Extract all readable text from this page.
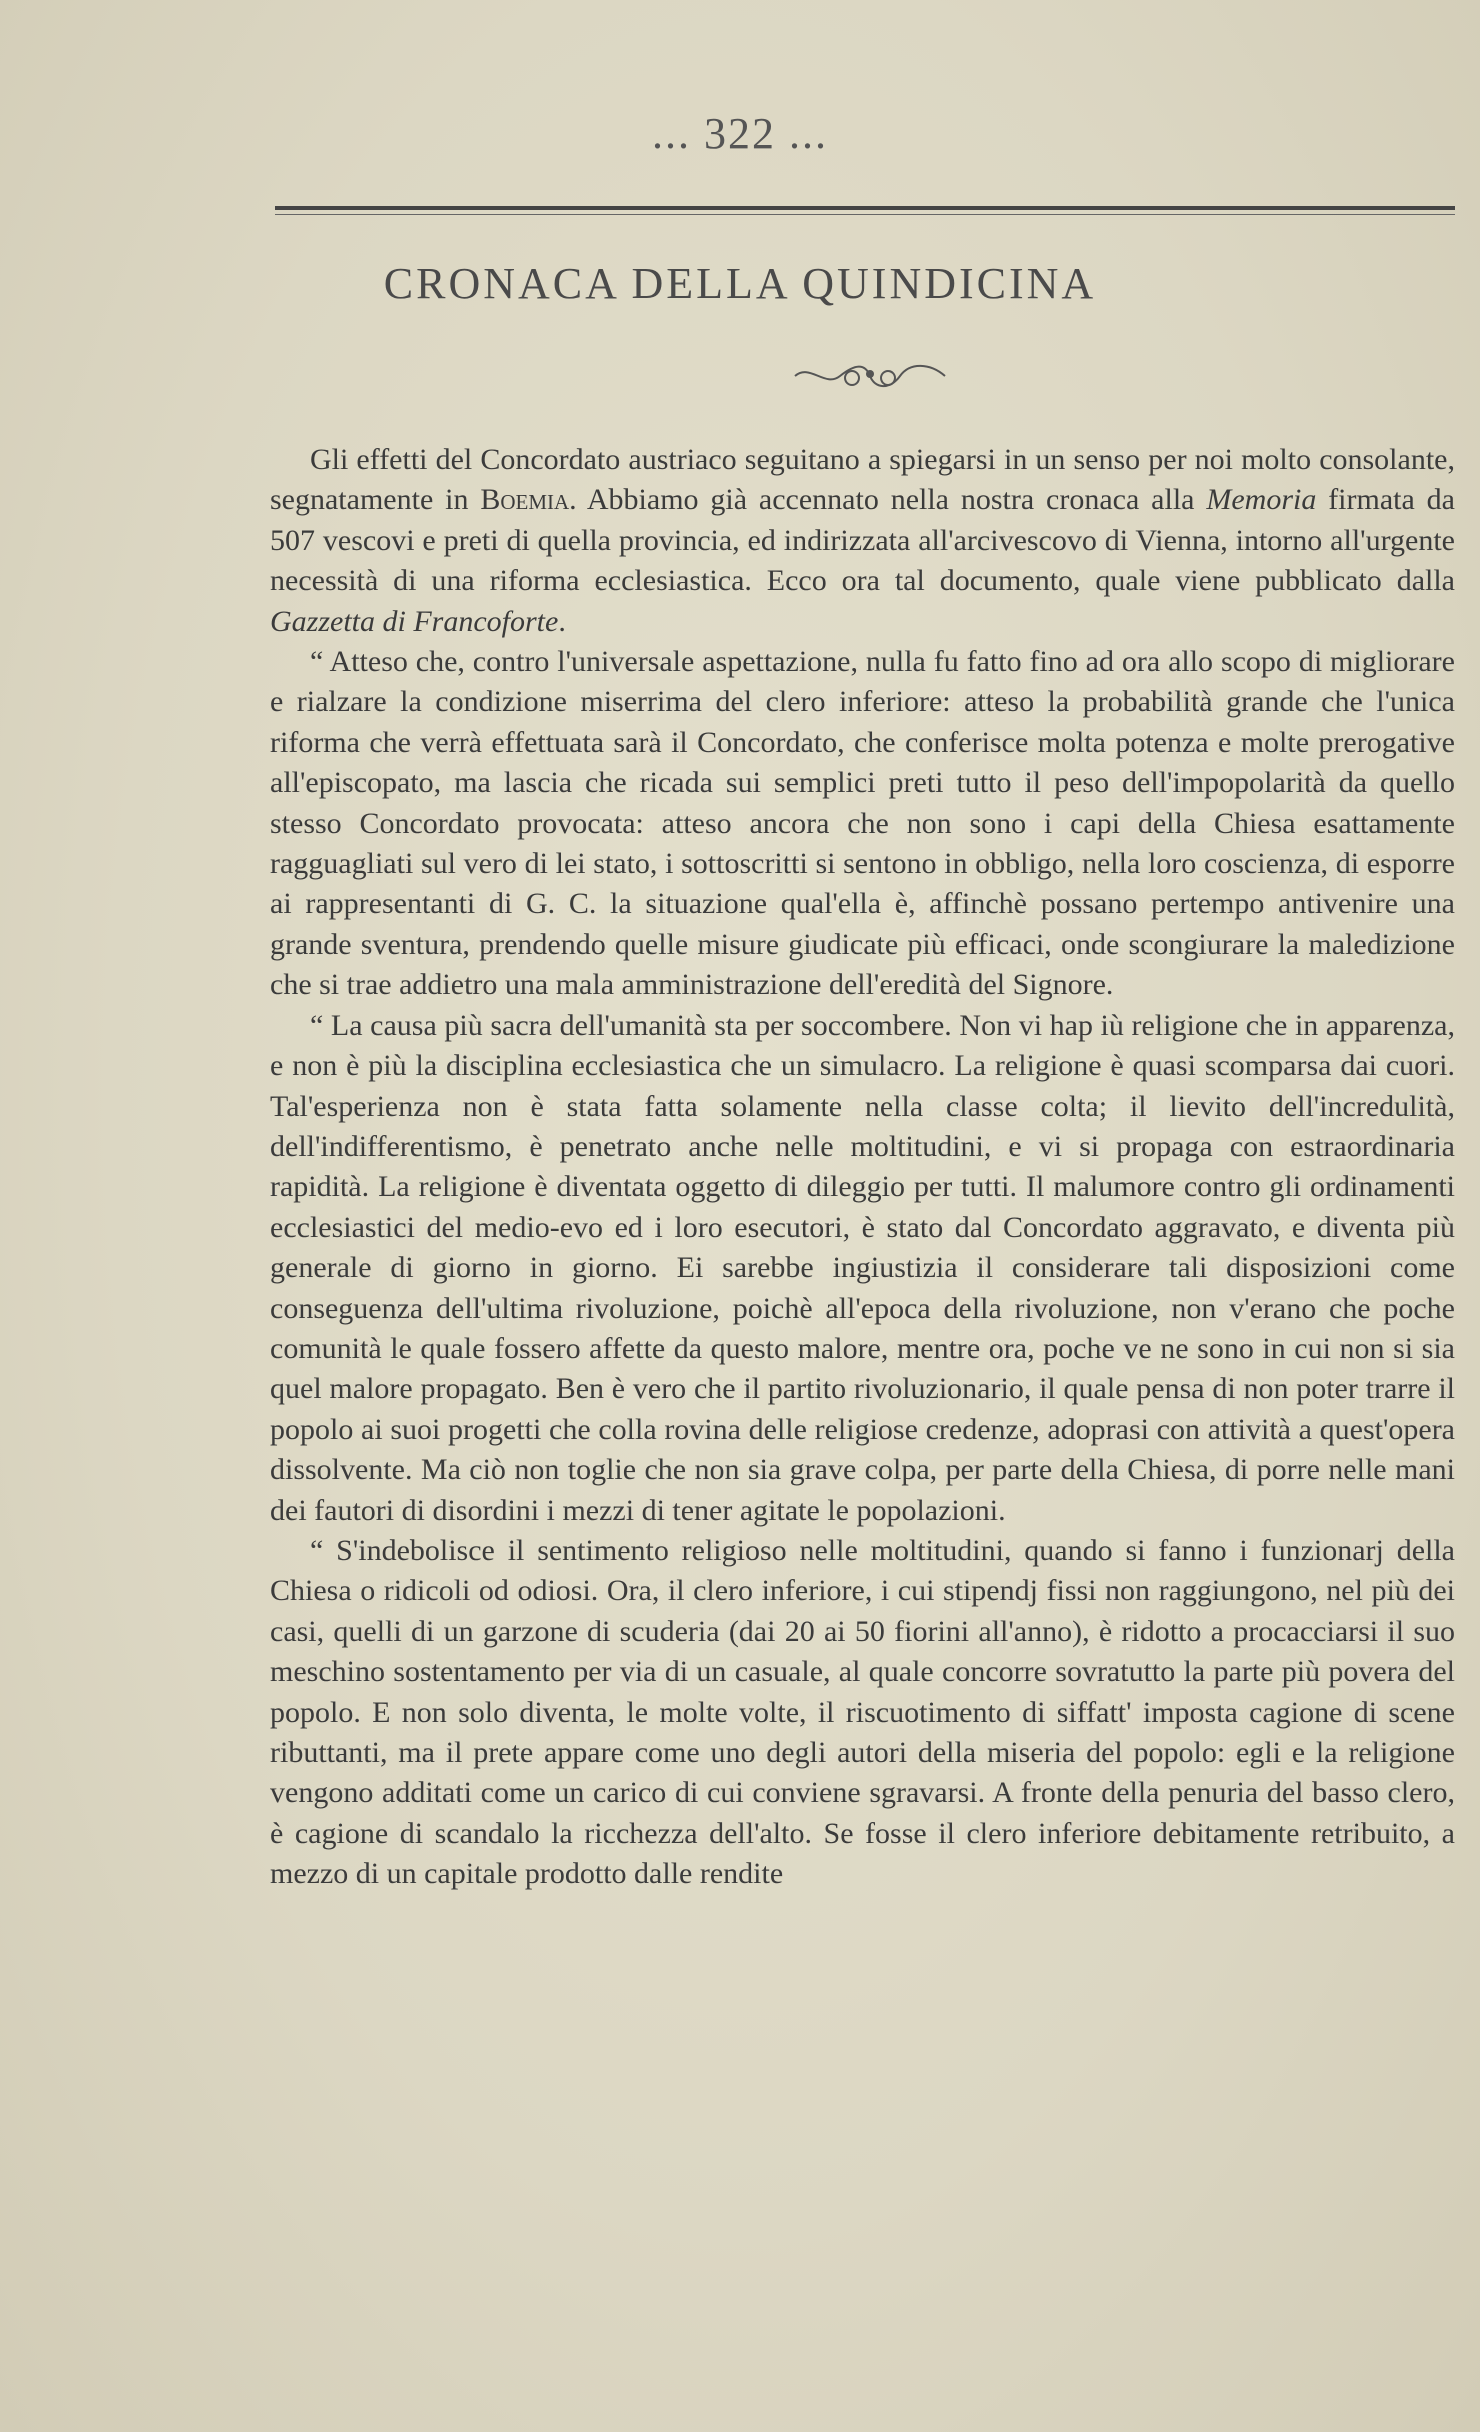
... 322 ...
CRONACA DELLA QUINDICINA

Gli effetti del Concordato austriaco seguitano a spiegarsi in un senso per noi molto consolante, segnatamente in Boemia. Abbiamo già accennato nella nostra cronaca alla Memoria firmata da 507 vescovi e preti di quella provincia, ed indirizzata all'arcivescovo di Vienna, intorno all'urgente necessità di una riforma ecclesiastica. Ecco ora tal documento, quale viene pubblicato dalla Gazzetta di Francoforte.

“ Atteso che, contro l'universale aspettazione, nulla fu fatto fino ad ora allo scopo di migliorare e rialzare la condizione miserrima del clero inferiore: atteso la probabilità grande che l'unica riforma che verrà effettuata sarà il Concordato, che conferisce molta potenza e molte prerogative all'episcopato, ma lascia che ricada sui semplici preti tutto il peso dell'impopolarità da quello stesso Concordato provocata: atteso ancora che non sono i capi della Chiesa esattamente ragguagliati sul vero di lei stato, i sottoscritti si sentono in obbligo, nella loro coscienza, di esporre ai rappresentanti di G. C. la situazione qual'ella è, affinchè possano pertempo antivenire una grande sventura, prendendo quelle misure giudicate più efficaci, onde scongiurare la maledizione che si trae addietro una mala amministrazione dell'eredità del Signore.

“ La causa più sacra dell'umanità sta per soccombere. Non vi hap iù religione che in apparenza, e non è più la disciplina ecclesiastica che un simulacro. La religione è quasi scomparsa dai cuori. Tal'esperienza non è stata fatta solamente nella classe colta; il lievito dell'incredulità, dell'indifferentismo, è penetrato anche nelle moltitudini, e vi si propaga con estraordinaria rapidità. La religione è diventata oggetto di dileggio per tutti. Il malumore contro gli ordinamenti ecclesiastici del medio-evo ed i loro esecutori, è stato dal Concordato aggravato, e diventa più generale di giorno in giorno. Ei sarebbe ingiustizia il considerare tali disposizioni come conseguenza dell'ultima rivoluzione, poichè all'epoca della rivoluzione, non v'erano che poche comunità le quale fossero affette da questo malore, mentre ora, poche ve ne sono in cui non si sia quel malore propagato. Ben è vero che il partito rivoluzionario, il quale pensa di non poter trarre il popolo ai suoi progetti che colla rovina delle religiose credenze, adoprasi con attività a quest'opera dissolvente. Ma ciò non toglie che non sia grave colpa, per parte della Chiesa, di porre nelle mani dei fautori di disordini i mezzi di tener agitate le popolazioni.

“ S'indebolisce il sentimento religioso nelle moltitudini, quando si fanno i funzionarj della Chiesa o ridicoli od odiosi. Ora, il clero inferiore, i cui stipendj fissi non raggiungono, nel più dei casi, quelli di un garzone di scuderia (dai 20 ai 50 fiorini all'anno), è ridotto a procacciarsi il suo meschino sostentamento per via di un casuale, al quale concorre sovratutto la parte più povera del popolo. E non solo diventa, le molte volte, il riscuotimento di siffatt' imposta cagione di scene ributtanti, ma il prete appare come uno degli autori della miseria del popolo: egli e la religione vengono additati come un carico di cui conviene sgravarsi. A fronte della penuria del basso clero, è cagione di scandalo la ricchezza dell'alto. Se fosse il clero inferiore debitamente retribuito, a mezzo di un capitale prodotto dalle rendite
